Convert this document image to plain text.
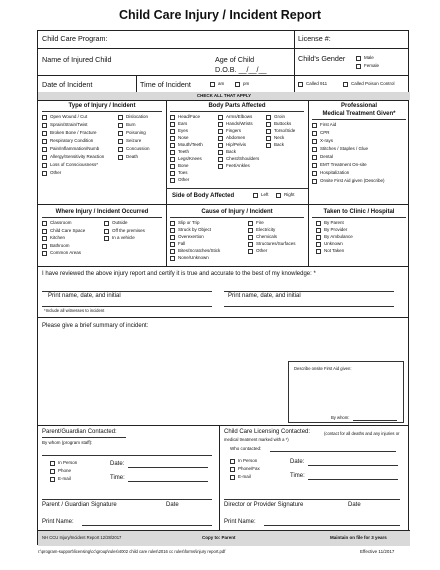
Child Care Injury / Incident Report
Child Care Program:	License #:
Name of Injured Child	Age of Child
D.O.B. __/__/__
Child's Gender	Male
Female
Date of Incident	Time of Incident	am	pm	Called 911	Called Poison Control
CHECK ALL THAT APPLY
Type of Injury / Incident
Open Wound / Cut
Sprain/Strain/Twist
Broken Bone / Fracture
Respiratory Condition
Pain/Inflammation/Numb
Allergy/Sensitivity Reaction
Loss of Consciousness*
Other
Dislocation
Burn
Poisoning
Seizure
Concussion
Death
Body Parts Affected
Head/Face
Ears
Eyes
Nose
Mouth/Teeth
Teeth
Legs/Knees
Bone
Toes
Other
Arms/Elbows
Hands/Wrists
Fingers
Abdomen
Hip/Pelvis
Back
Chest/Shoulders
Feet/Ankles
Groin
Buttocks
Torso/Side
Neck
Back
Side of Body Affected	Left	Right
Professional
Medical Treatment Given*
First Aid
CPR
X-rays
Stitches / Staples / Glue
Dental
EMT Treatment On-site
Hospitalization
Onsite First Aid given (Describe)
Where Injury / Incident Occurred
Classroom
Child Care Space
Kitchen
Bathroom
Common Areas
Outside
Off the premises
In a vehicle
Cause of Injury / Incident
Slip or Trip
Struck by Object
Overexertion
Fall
Bites/Scratches/Stick
None/Unknown
Fire
Electricity
Chemicals
Structures/Surfaces
Other
Taken to Clinic / Hospital
By Parent
By Provider
By Ambulance
Unknown
Not Taken
I have reviewed the above injury report and certify it is true and accurate to the best of my knowledge: *
Print name, date, and initial	Print name, date, and initial
*Include all witnesses to incident
Please give a brief summary of incident:
Describe onsite First Aid given:
By whom:
Parent/Guardian Contacted:
By whom (program staff):
In Person
Phone
E-mail
Date:
Time:
Parent / Guardian Signature	Date
Print Name:
Child Care Licensing Contacted:	(contact for all deaths and any injuries or medical treatment marked with a *)
Who contacted:
In Person
Phone/Fax
E-mail
Date:
Time:
Director or Provider Signature	Date
Print Name:
NH CCU Injury/Incident Report 12/28/2017	Copy to: Parent	Maintain on file for 3 years
r:\program-support\licensing\cc\group\rules\4002 child care rules\2016 cc rules\forms\injury report.pdf	Effective 11/2017
